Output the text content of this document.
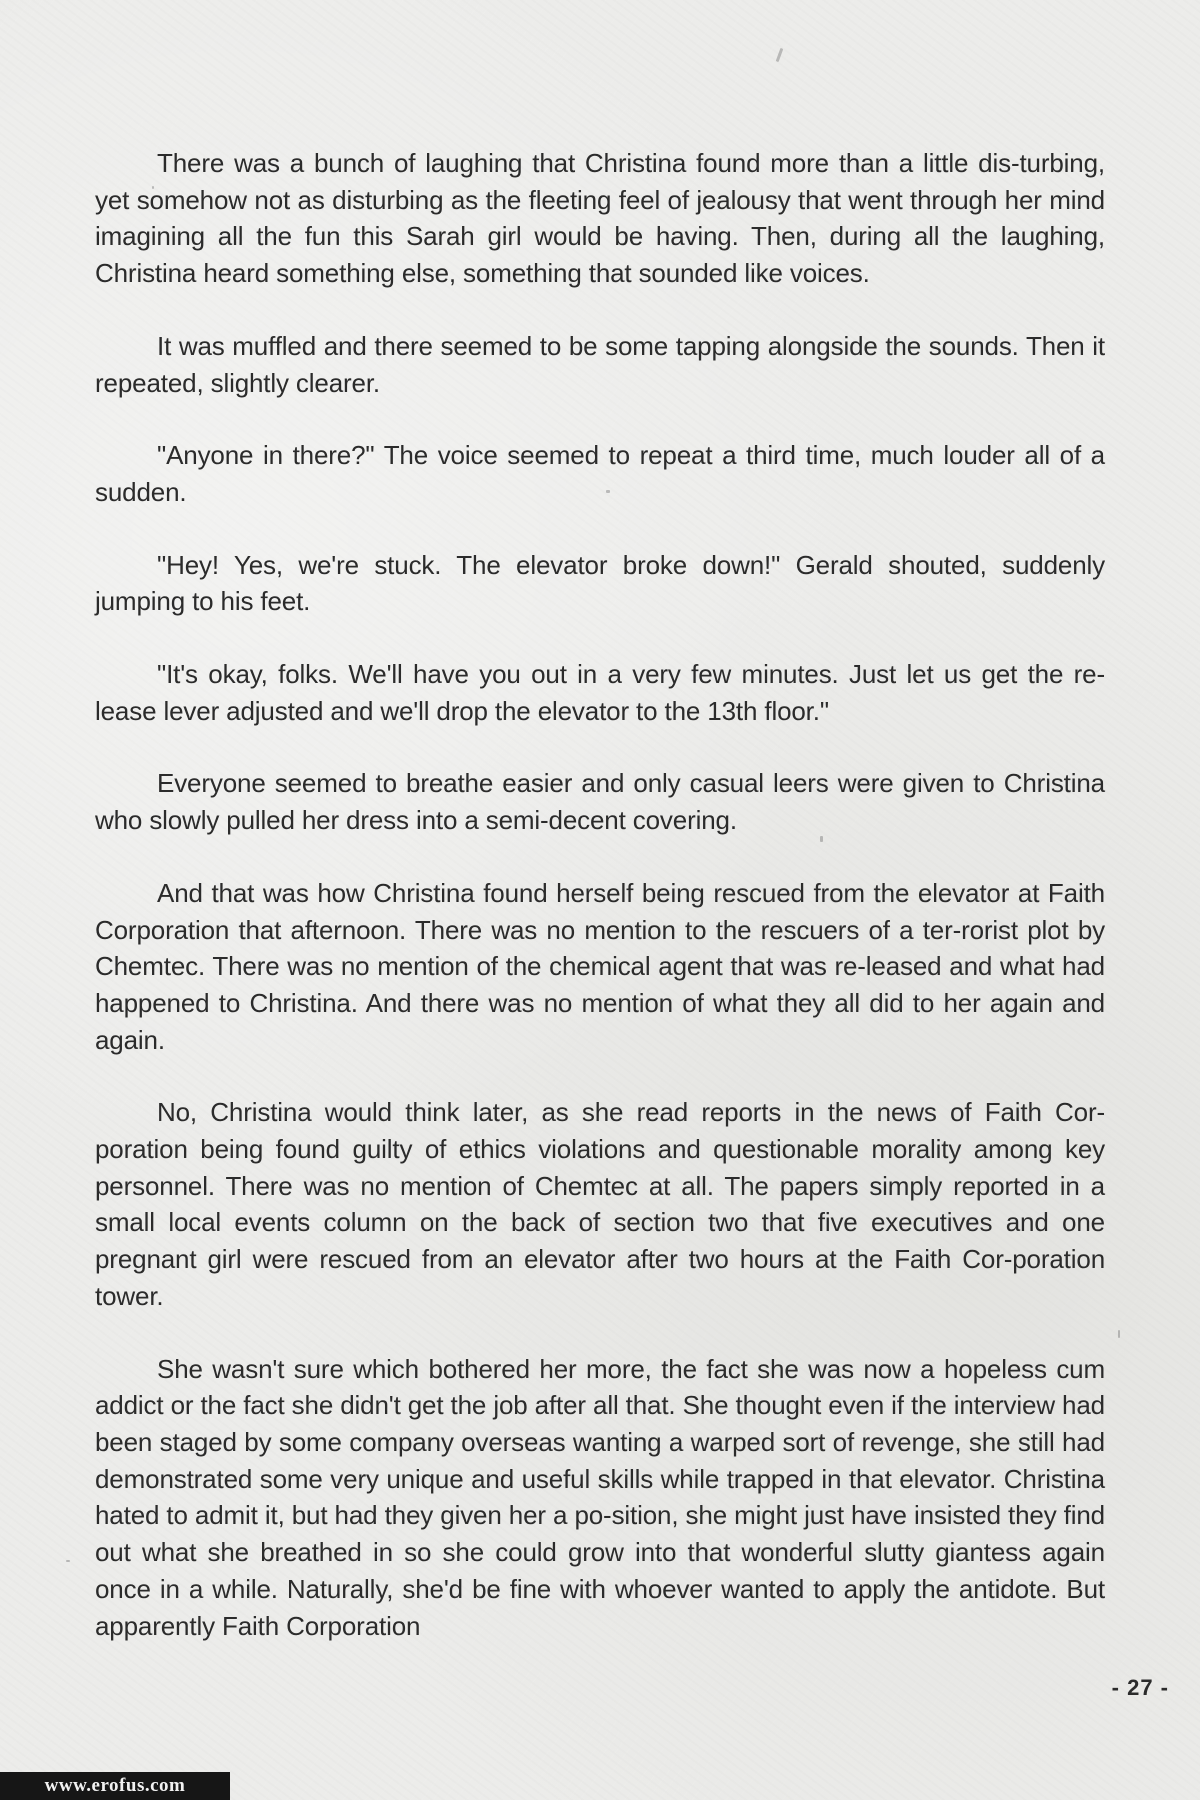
There was a bunch of laughing that Christina found more than a little dis-turbing, yet somehow not as disturbing as the fleeting feel of jealousy that went through her mind imagining all the fun this Sarah girl would be having. Then, during all the laughing, Christina heard something else, something that sounded like voices.

It was muffled and there seemed to be some tapping alongside the sounds. Then it repeated, slightly clearer.

"Anyone in there?" The voice seemed to repeat a third time, much louder all of a sudden.

"Hey! Yes, we're stuck. The elevator broke down!" Gerald shouted, suddenly jumping to his feet.

"It's okay, folks. We'll have you out in a very few minutes. Just let us get the re-lease lever adjusted and we'll drop the elevator to the 13th floor."

Everyone seemed to breathe easier and only casual leers were given to Christina who slowly pulled her dress into a semi-decent covering.

And that was how Christina found herself being rescued from the elevator at Faith Corporation that afternoon. There was no mention to the rescuers of a ter-rorist plot by Chemtec. There was no mention of the chemical agent that was re-leased and what had happened to Christina. And there was no mention of what they all did to her again and again.

No, Christina would think later, as she read reports in the news of Faith Cor-poration being found guilty of ethics violations and questionable morality among key personnel. There was no mention of Chemtec at all. The papers simply reported in a small local events column on the back of section two that five executives and one pregnant girl were rescued from an elevator after two hours at the Faith Cor-poration tower.

She wasn't sure which bothered her more, the fact she was now a hopeless cum addict or the fact she didn't get the job after all that. She thought even if the interview had been staged by some company overseas wanting a warped sort of revenge, she still had demonstrated some very unique and useful skills while trapped in that elevator. Christina hated to admit it, but had they given her a po-sition, she might just have insisted they find out what she breathed in so she could grow into that wonderful slutty giantess again once in a while. Naturally, she'd be fine with whoever wanted to apply the antidote. But apparently Faith Corporation

- 27 -
www.erofus.com
